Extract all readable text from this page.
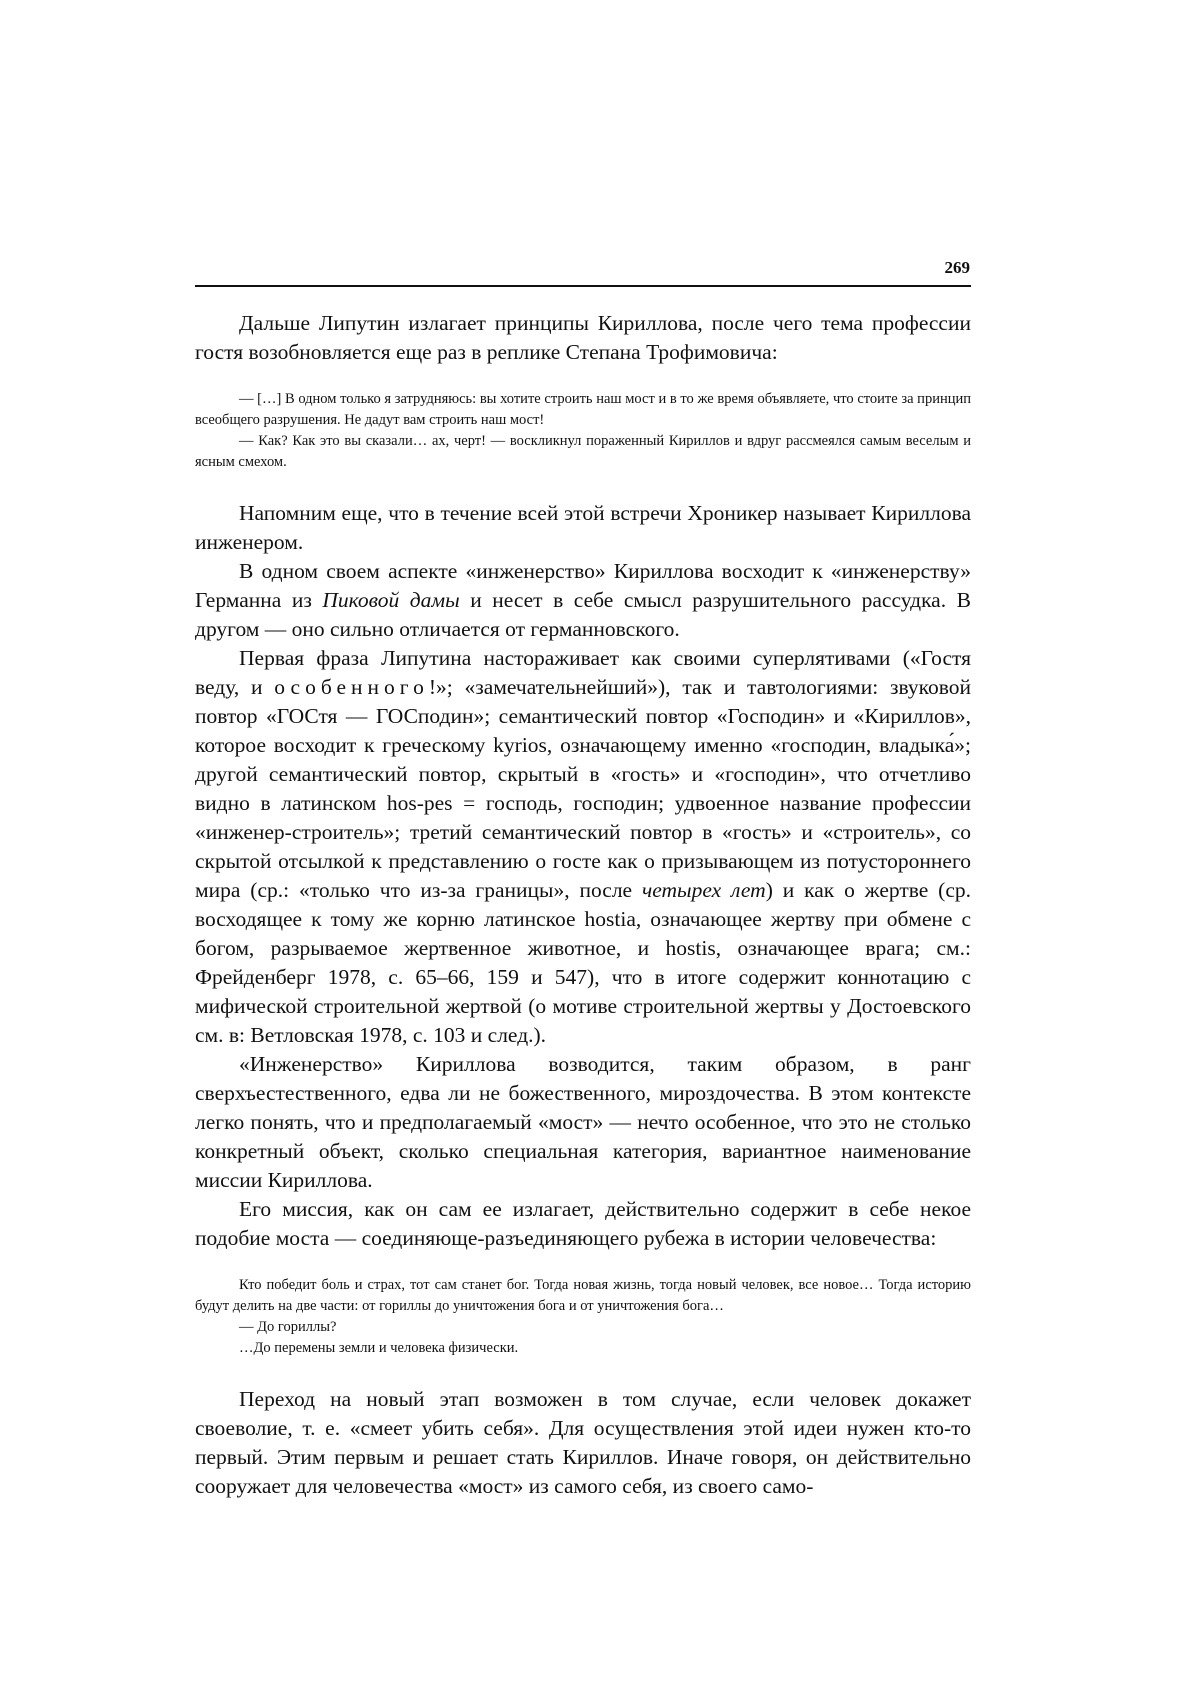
269

Дальше Липутин излагает принципы Кириллова, после чего тема профессии гостя возобновляется еще раз в реплике Степана Трофимовича:

— […] В одном только я затрудняюсь: вы хотите строить наш мост и в то же время объявляете, что стоите за принцип всеобщего разрушения. Не дадут вам строить наш мост!

— Как? Как это вы сказали… ах, черт! — воскликнул пораженный Кириллов и вдруг рассмеялся самым веселым и ясным смехом.

Напомним еще, что в течение всей этой встречи Хроникер называет Кириллова инженером.

В одном своем аспекте «инженерство» Кириллова восходит к «инженерству» Германна из Пиковой дамы и несет в себе смысл разрушительного рассудка. В другом — оно сильно отличается от германновского.

Первая фраза Липутина настораживает как своими суперлятивами («Гостя веду, и особенного!»; «замечательнейший»), так и тавтологиями: звуковой повтор «ГОСтя — ГОСподин»; семантический повтор «Господин» и «Кириллов», которое восходит к греческому kyrios, означающему именно «господин, владыка́»; другой семантический повтор, скрытый в «гость» и «господин», что отчетливо видно в латинском hos-pes = господь, господин; удвоенное название профессии «инженер-строитель»; третий семантический повтор в «гость» и «строитель», со скрытой отсылкой к представлению о госте как о призывающем из потустороннего мира (ср.: «только что из-за границы», после четырех лет) и как о жертве (ср. восходящее к тому же корню латинское hostia, означающее жертву при обмене с богом, разрываемое жертвенное животное, и hostis, означающее врага; см.: Фрейденберг 1978, с. 65–66, 159 и 547), что в итоге содержит коннотацию с мифической строительной жертвой (о мотиве строительной жертвы у Достоевского см. в: Ветловская 1978, с. 103 и след.).

«Инженерство» Кириллова возводится, таким образом, в ранг сверхъестественного, едва ли не божественного, мироздочества. В этом контексте легко понять, что и предполагаемый «мост» — нечто особенное, что это не столько конкретный объект, сколько специальная категория, вариантное наименование миссии Кириллова.

Его миссия, как он сам ее излагает, действительно содержит в себе некое подобие моста — соединяюще-разъединяющего рубежа в истории человечества:

Кто победит боль и страх, тот сам станет бог. Тогда новая жизнь, тогда новый человек, все новое… Тогда историю будут делить на две части: от гориллы до уничтожения бога и от уничтожения бога…

— До гориллы?

…До перемены земли и человека физически.

Переход на новый этап возможен в том случае, если человек докажет своеволие, т. е. «смеет убить себя». Для осуществления этой идеи нужен кто-то первый. Этим первым и решает стать Кириллов. Иначе говоря, он действительно сооружает для человечества «мост» из самого себя, из своего само-
